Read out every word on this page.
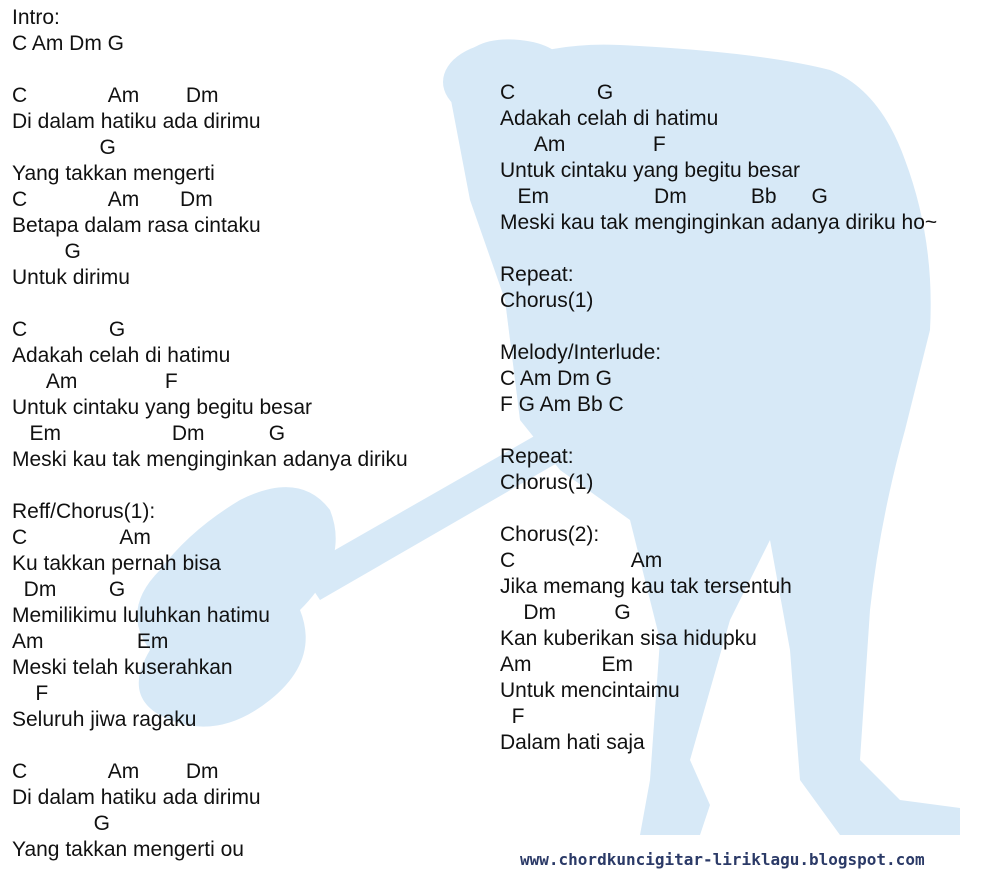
Intro:
C Am Dm G
C              Am        Dm
Di dalam hatiku ada dirimu
G
Yang takkan mengerti
C              Am       Dm
Betapa dalam rasa cintaku
G
Untuk dirimu
C              G
Adakah celah di hatimu
Am               F
Untuk cintaku yang begitu besar
Em                   Dm           G
Meski kau tak menginginkan adanya diriku
Reff/Chorus(1):
C                Am
Ku takkan pernah bisa
Dm         G
Memilikimu luluhkan hatimu
Am                Em
Meski telah kuserahkan
F
Seluruh jiwa ragaku
C              Am        Dm
Di dalam hatiku ada dirimu
G
Yang takkan mengerti ou
C              G
Adakah celah di hatimu
Am               F
Untuk cintaku yang begitu besar
Em                  Dm           Bb      G
Meski kau tak menginginkan adanya diriku ho~
Repeat:
Chorus(1)
Melody/Interlude:
C Am Dm G
F G Am Bb C
Repeat:
Chorus(1)
Chorus(2):
C                    Am
Jika memang kau tak tersentuh
Dm          G
Kan kuberikan sisa hidupku
Am            Em
Untuk mencintaimu
F
Dalam hati saja
www.chordkuncigitar-liriklagu.blogspot.com
